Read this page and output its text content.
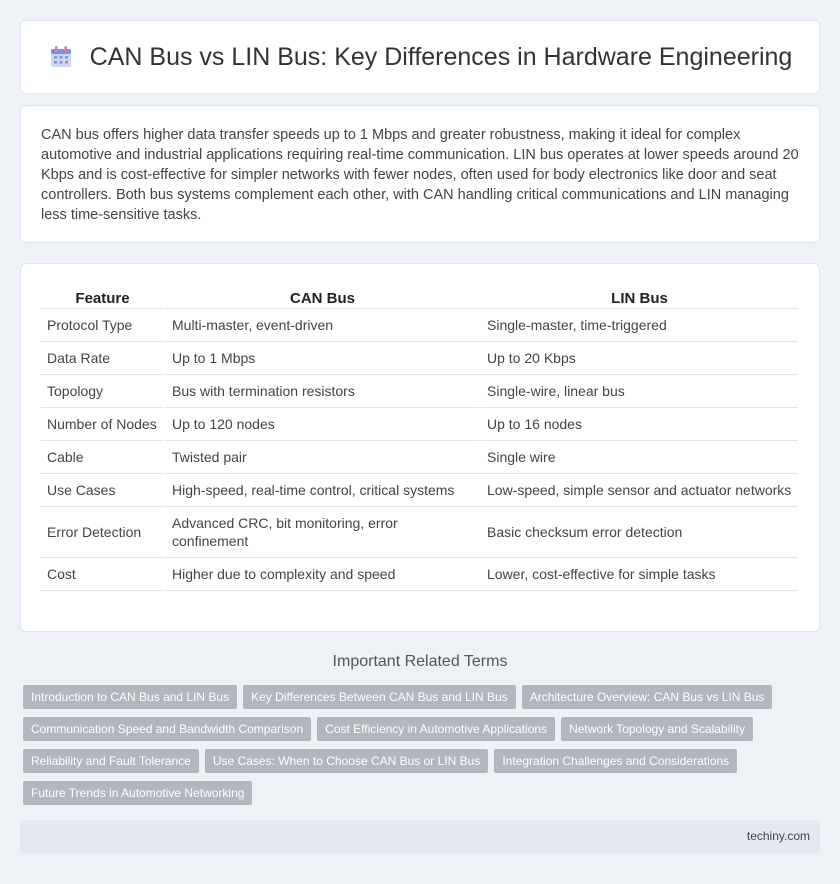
CAN Bus vs LIN Bus: Key Differences in Hardware Engineering

CAN bus offers higher data transfer speeds up to 1 Mbps and greater robustness, making it ideal for complex automotive and industrial applications requiring real-time communication. LIN bus operates at lower speeds around 20 Kbps and is cost-effective for simpler networks with fewer nodes, often used for body electronics like door and seat controllers. Both bus systems complement each other, with CAN handling critical communications and LIN managing less time-sensitive tasks.

Feature	CAN Bus	LIN Bus
Protocol Type	Multi-master, event-driven	Single-master, time-triggered
Data Rate	Up to 1 Mbps	Up to 20 Kbps
Topology	Bus with termination resistors	Single-wire, linear bus
Number of Nodes	Up to 120 nodes	Up to 16 nodes
Cable	Twisted pair	Single wire
Use Cases	High-speed, real-time control, critical systems	Low-speed, simple sensor and actuator networks
Error Detection	Advanced CRC, bit monitoring, error confinement	Basic checksum error detection
Cost	Higher due to complexity and speed	Lower, cost-effective for simple tasks
Important Related Terms
Introduction to CAN Bus and LIN Bus	Key Differences Between CAN Bus and LIN Bus	Architecture Overview: CAN Bus vs LIN Bus
Communication Speed and Bandwidth Comparison	Cost Efficiency in Automotive Applications	Network Topology and Scalability
Reliability and Fault Tolerance	Use Cases: When to Choose CAN Bus or LIN Bus	Integration Challenges and Considerations
Future Trends in Automotive Networking
techiny.com
